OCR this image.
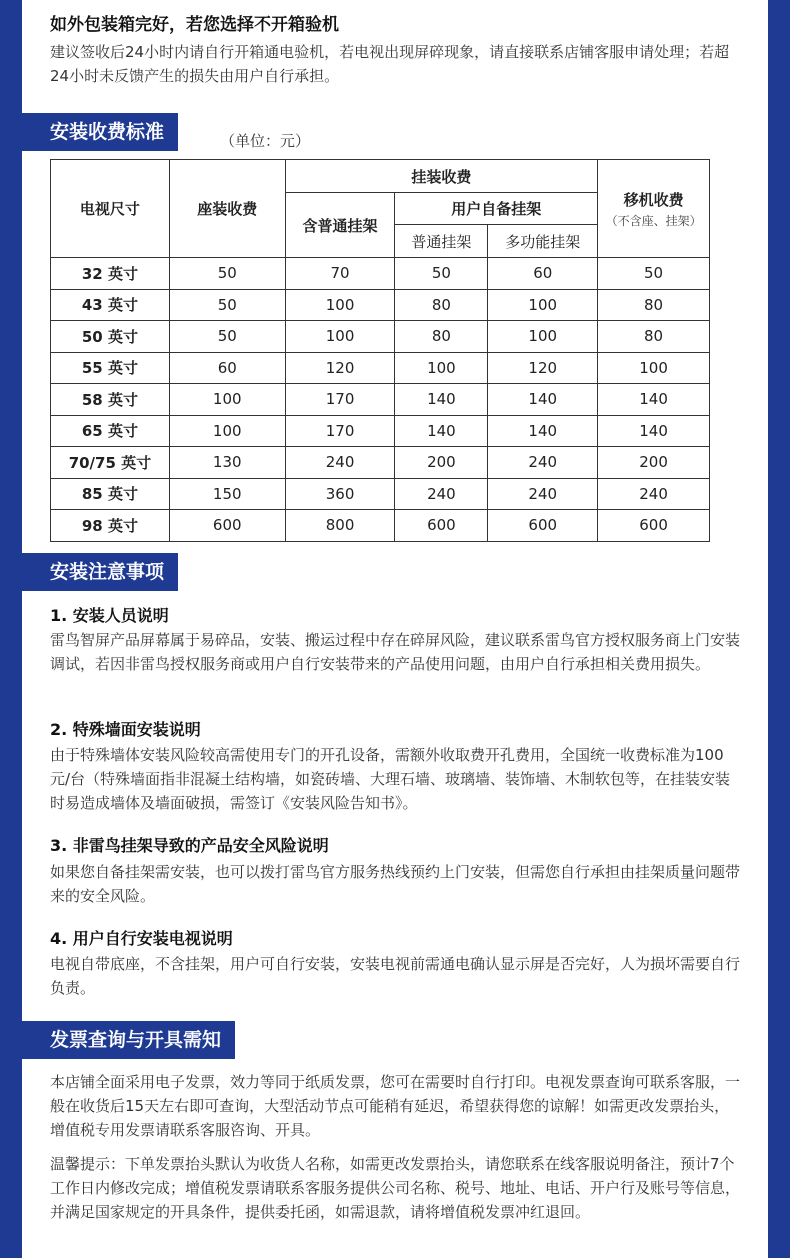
如外包装箱完好，若您选择不开箱验机

建议签收后24小时内请自行开箱通电验机，若电视出现屏碎现象，请直接联系店铺客服申请处理；若超24小时未反馈产生的损失由用户自行承担。

安装收费标准	（单位：元）
电视尺寸	座装收费	挂装收费			移机收费
（不含座、挂架）

		含普通挂架	用户自备挂架		
			普通挂架	多功能挂架	
32 英寸	50	70	50	60	50
43 英寸	50	100	80	100	80
50 英寸	50	100	80	100	80
55 英寸	60	120	100	120	100
58 英寸	100	170	140	140	140
65 英寸	100	170	140	140	140
70/75 英寸	130	240	200	240	200
85 英寸	150	360	240	240	240
98 英寸	600	800	600	600	600
安装注意事项

1. 安装人员说明

雷鸟智屏产品屏幕属于易碎品，安装、搬运过程中存在碎屏风险，建议联系雷鸟官方授权服务商上门安装调试，若因非雷鸟授权服务商或用户自行安装带来的产品使用问题，由用户自行承担相关费用损失。

2. 特殊墙面安装说明

由于特殊墙体安装风险较高需使用专门的开孔设备，需额外收取费开孔费用，全国统一收费标准为100元/台（特殊墙面指非混凝土结构墙，如瓷砖墙、大理石墙、玻璃墙、装饰墙、木制软包等，在挂装安装时易造成墙体及墙面破损，需签订《安装风险告知书》。

3. 非雷鸟挂架导致的产品安全风险说明

如果您自备挂架需安装，也可以拨打雷鸟官方服务热线预约上门安装，但需您自行承担由挂架质量问题带来的安全风险。

4. 用户自行安装电视说明

电视自带底座，不含挂架，用户可自行安装，安装电视前需通电确认显示屏是否完好，人为损坏需要自行负责。

发票查询与开具需知

本店铺全面采用电子发票，效力等同于纸质发票，您可在需要时自行打印。电视发票查询可联系客服，一般在收货后15天左右即可查询，大型活动节点可能稍有延迟，希望获得您的谅解！如需更改发票抬头，增值税专用发票请联系客服咨询、开具。

温馨提示：下单发票抬头默认为收货人名称，如需更改发票抬头，请您联系在线客服说明备注，预计7个工作日内修改完成；增值税发票请联系客服务提供公司名称、税号、地址、电话、开户行及账号等信息，并满足国家规定的开具条件，提供委托函，如需退款，请将增值税发票冲红退回。
